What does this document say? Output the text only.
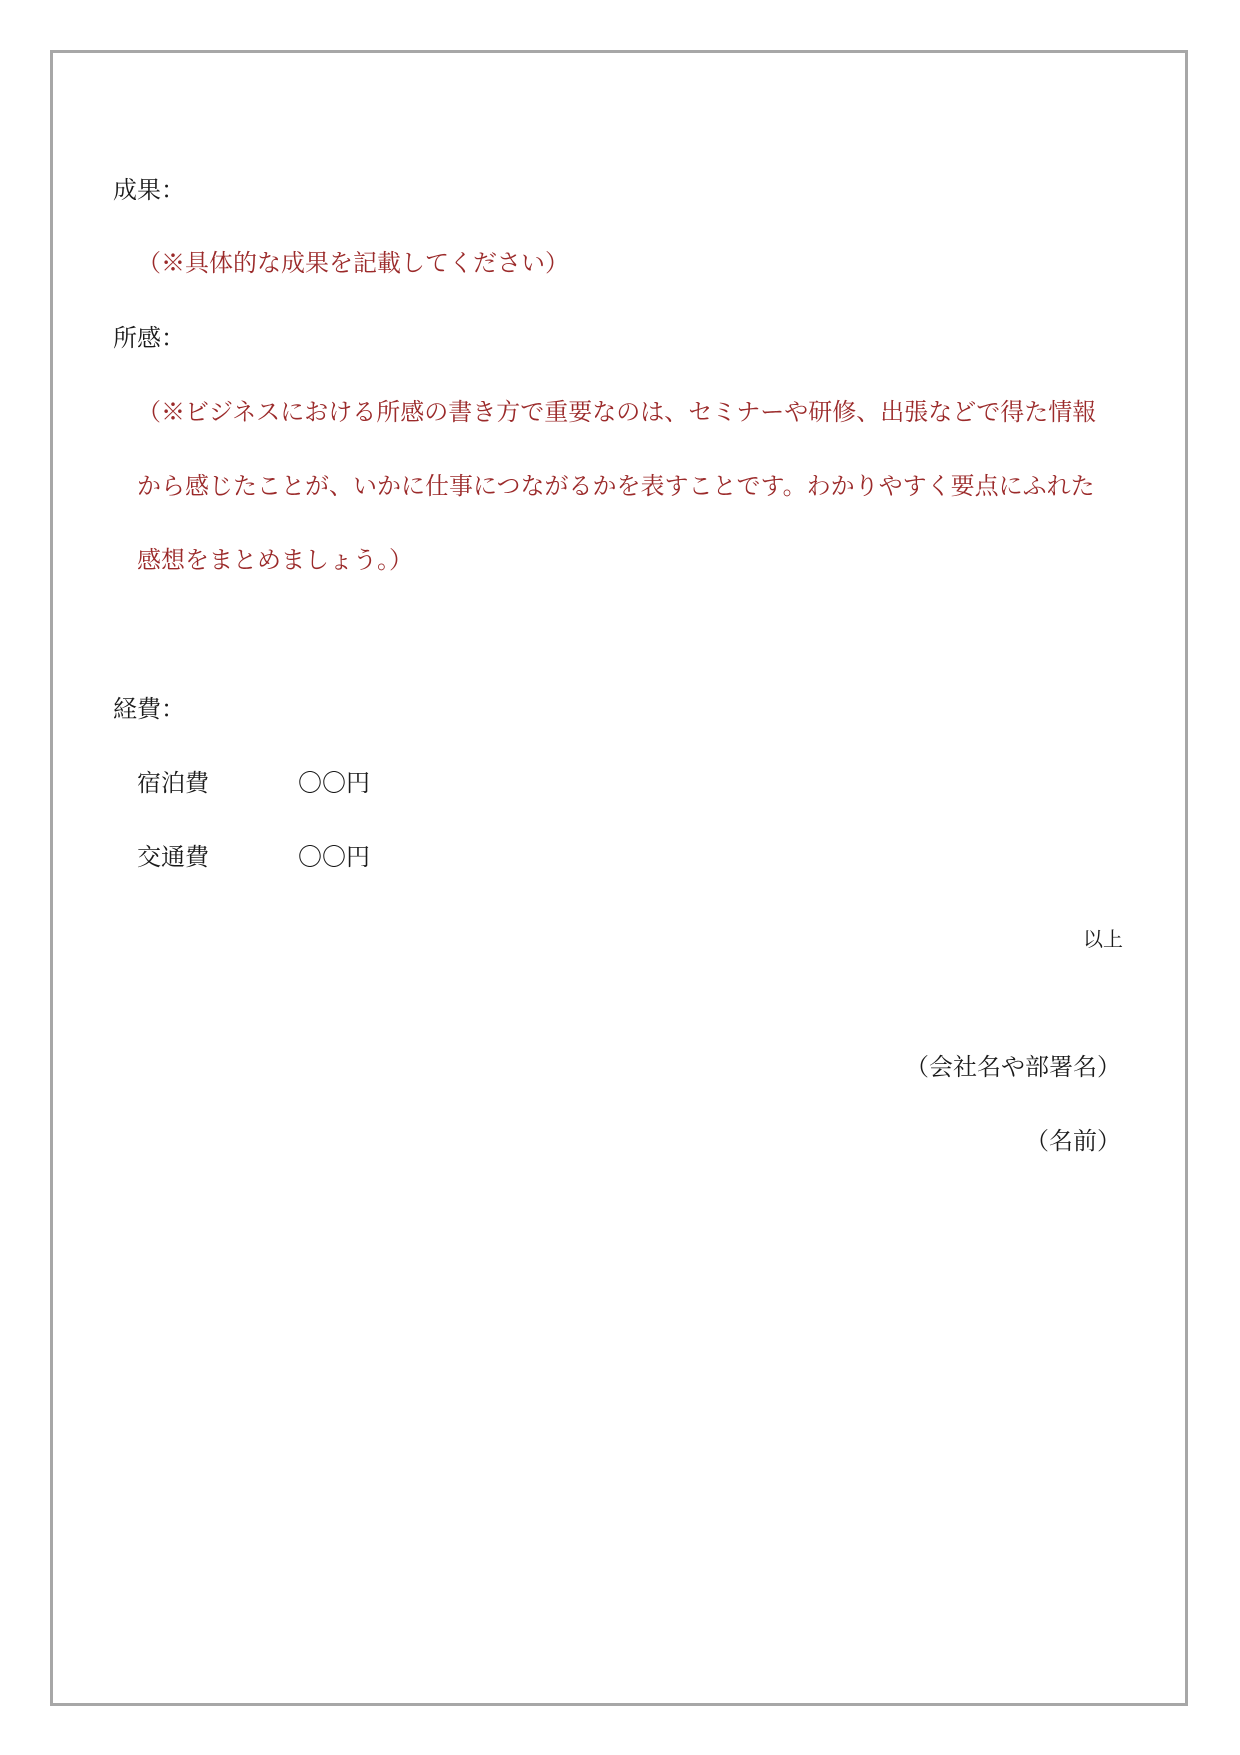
成果：
（※具体的な成果を記載してください）
所感：
（※ビジネスにおける所感の書き方で重要なのは、セミナーや研修、出張などで得た情報
から感じたことが、いかに仕事につながるかを表すことです。わかりやすく要点にふれた
感想をまとめましょう。）
経費：
宿泊費	〇〇円
交通費	〇〇円
以上
（会社名や部署名）
（名前）
